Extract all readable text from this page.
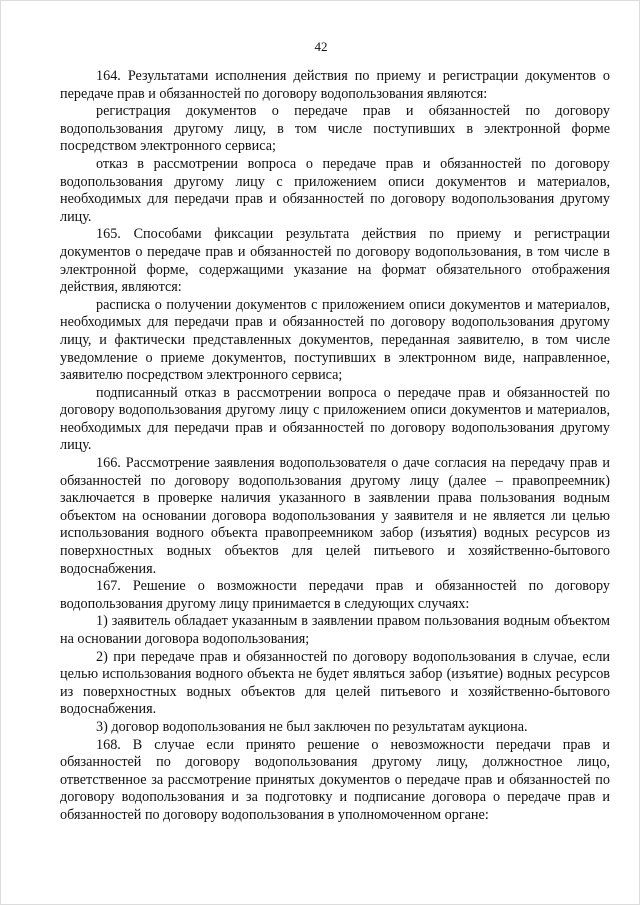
42

164. Результатами исполнения действия по приему и регистрации документов о передаче прав и обязанностей по договору водопользования являются:

регистрация документов о передаче прав и обязанностей по договору водопользования другому лицу, в том числе поступивших в электронной форме посредством электронного сервиса;

отказ в рассмотрении вопроса о передаче прав и обязанностей по договору водопользования другому лицу с приложением описи документов и материалов, необходимых для передачи прав и обязанностей по договору водопользования другому лицу.

165. Способами фиксации результата действия по приему и регистрации документов о передаче прав и обязанностей по договору водопользования, в том числе в электронной форме, содержащими указание на формат обязательного отображения действия, являются:

расписка о получении документов с приложением описи документов и материалов, необходимых для передачи прав и обязанностей по договору водопользования другому лицу, и фактически представленных документов, переданная заявителю, в том числе уведомление о приеме документов, поступивших в электронном виде, направленное, заявителю посредством электронного сервиса;

подписанный отказ в рассмотрении вопроса о передаче прав и обязанностей по договору водопользования другому лицу с приложением описи документов и материалов, необходимых для передачи прав и обязанностей по договору водопользования другому лицу.

166. Рассмотрение заявления водопользователя о даче согласия на передачу прав и обязанностей по договору водопользования другому лицу (далее – правопреемник) заключается в проверке наличия указанного в заявлении права пользования водным объектом на основании договора водопользования у заявителя и не является ли целью использования водного объекта правопреемником забор (изъятия) водных ресурсов из поверхностных водных объектов для целей питьевого и хозяйственно-бытового водоснабжения.

167. Решение о возможности передачи прав и обязанностей по договору водопользования другому лицу принимается в следующих случаях:

1) заявитель обладает указанным в заявлении правом пользования водным объектом на основании договора водопользования;

2) при передаче прав и обязанностей по договору водопользования в случае, если целью использования водного объекта не будет являться забор (изъятие) водных ресурсов из поверхностных водных объектов для целей питьевого и хозяйственно-бытового водоснабжения.

3) договор водопользования не был заключен по результатам аукциона.

168. В случае если принято решение о невозможности передачи прав и обязанностей по договору водопользования другому лицу, должностное лицо, ответственное за рассмотрение принятых документов о передаче прав и обязанностей по договору водопользования и за подготовку и подписание договора о передаче прав и обязанностей по договору водопользования в уполномоченном органе:
